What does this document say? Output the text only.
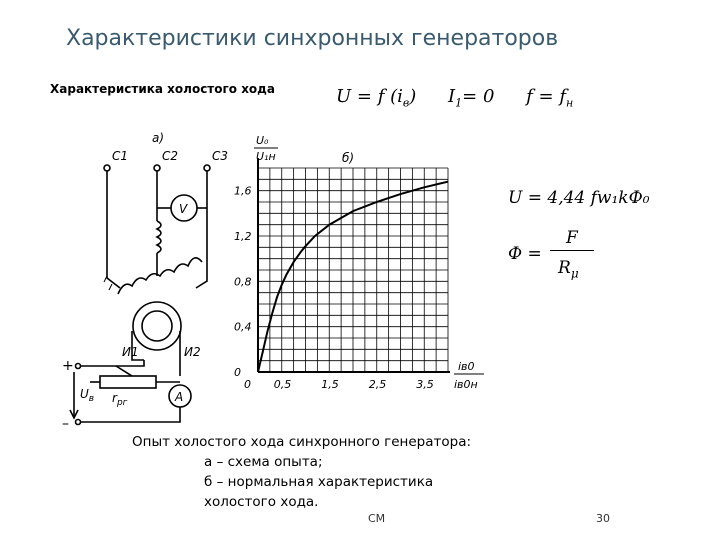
Характеристики синхронных генераторов
Характеристика холостого хода	U = f $(i_в)$ $I_1= 0$ $f = f_н$
U = 4,44 fw₁kФ₀
Ф =
F
$R_\mu$
а)
C1	C2	C3
V
A
И1	И2
$r_{рг}$
$U_в$
+
–
0 0,5	1,5	2,5	3,5
0
0,4
0,8
1,2
1,6
б)
U₀
U₁н
iв0
iв0н
Опыт холостого хода синхронного генератора:
а – схема опыта;
б – нормальная характеристика
холостого хода.
СМ	30
